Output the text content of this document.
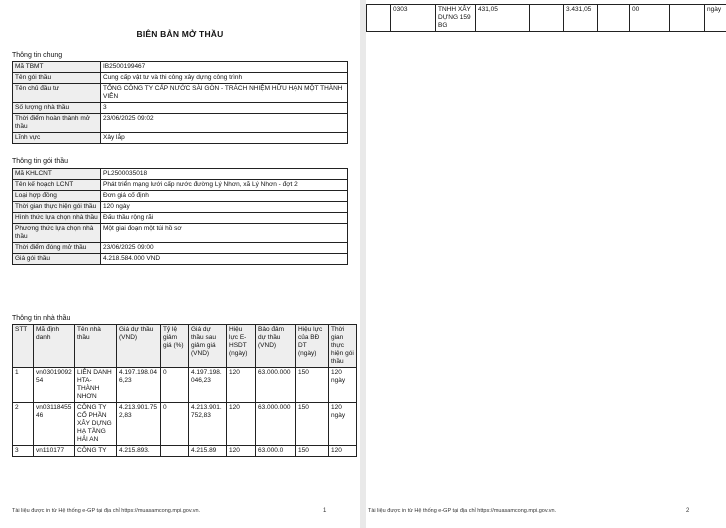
BIÊN BẢN MỞ THẦU
Thông tin chung
Mã TBMT	IB2500199467
Tên gói thầu	Cung cấp vật tư và thi công xây dựng công trình
Tên chủ đầu tư	TỔNG CÔNG TY CẤP NƯỚC SÀI GÒN - TRÁCH NHIỆM HỮU HẠN MỘT THÀNH VIÊN
Số lượng nhà thầu	3
Thời điểm hoàn thành mở thầu	23/06/2025 09:02
Lĩnh vực	Xây lắp
Thông tin gói thầu
Mã KHLCNT	PL2500035018
Tên kế hoạch LCNT	Phát triển mạng lưới cấp nước đường Lý Nhơn, xã Lý Nhơn - đợt 2
Loại hợp đồng	Đơn giá cố định
Thời gian thực hiện gói thầu	120 ngày
Hình thức lựa chọn nhà thầu	Đấu thầu rộng rãi
Phương thức lựa chọn nhà thầu	Một giai đoạn một túi hồ sơ
Thời điểm đóng mở thầu	23/06/2025 09:00
Giá gói thầu	4.218.584.000 VND
Thông tin nhà thầu
STT	Mã định danh	Tên nhà thầu	Giá dự thầu (VND)	Tỷ lệ giảm giá (%)	Giá dự thầu sau giảm giá (VND)	Hiệu lực E-HSDT (ngày)	Bảo đảm dự thầu (VND)	Hiệu lực của BĐ DT (ngày)	Thời gian thực hiện gói thầu
1	vn0301909254	LIÊN DANH HTA-THÀNH NHƠN	4.197.198.046,23	0	4.197.198.046,23	120	63.000.000	150	120 ngày
2	vn0311845546	CÔNG TY CỔ PHẦN XÂY DỰNG HẠ TẦNG HẢI AN	4.213.901.752,83	0	4.213.901.752,83	120	63.000.000	150	120 ngày
3	vn110177	CÔNG TY	4.215.893.		4.215.89	120	63.000.0	150	120
Tài liệu được in từ Hệ thống e-GP tại địa chỉ https://muasamcong.mpi.gov.vn.	1
	0303	TNHH XÂY DỰNG 159 BG	431,05		3.431,05		00		ngày
Tài liệu được in từ Hệ thống e-GP tại địa chỉ https://muasamcong.mpi.gov.vn.	2
